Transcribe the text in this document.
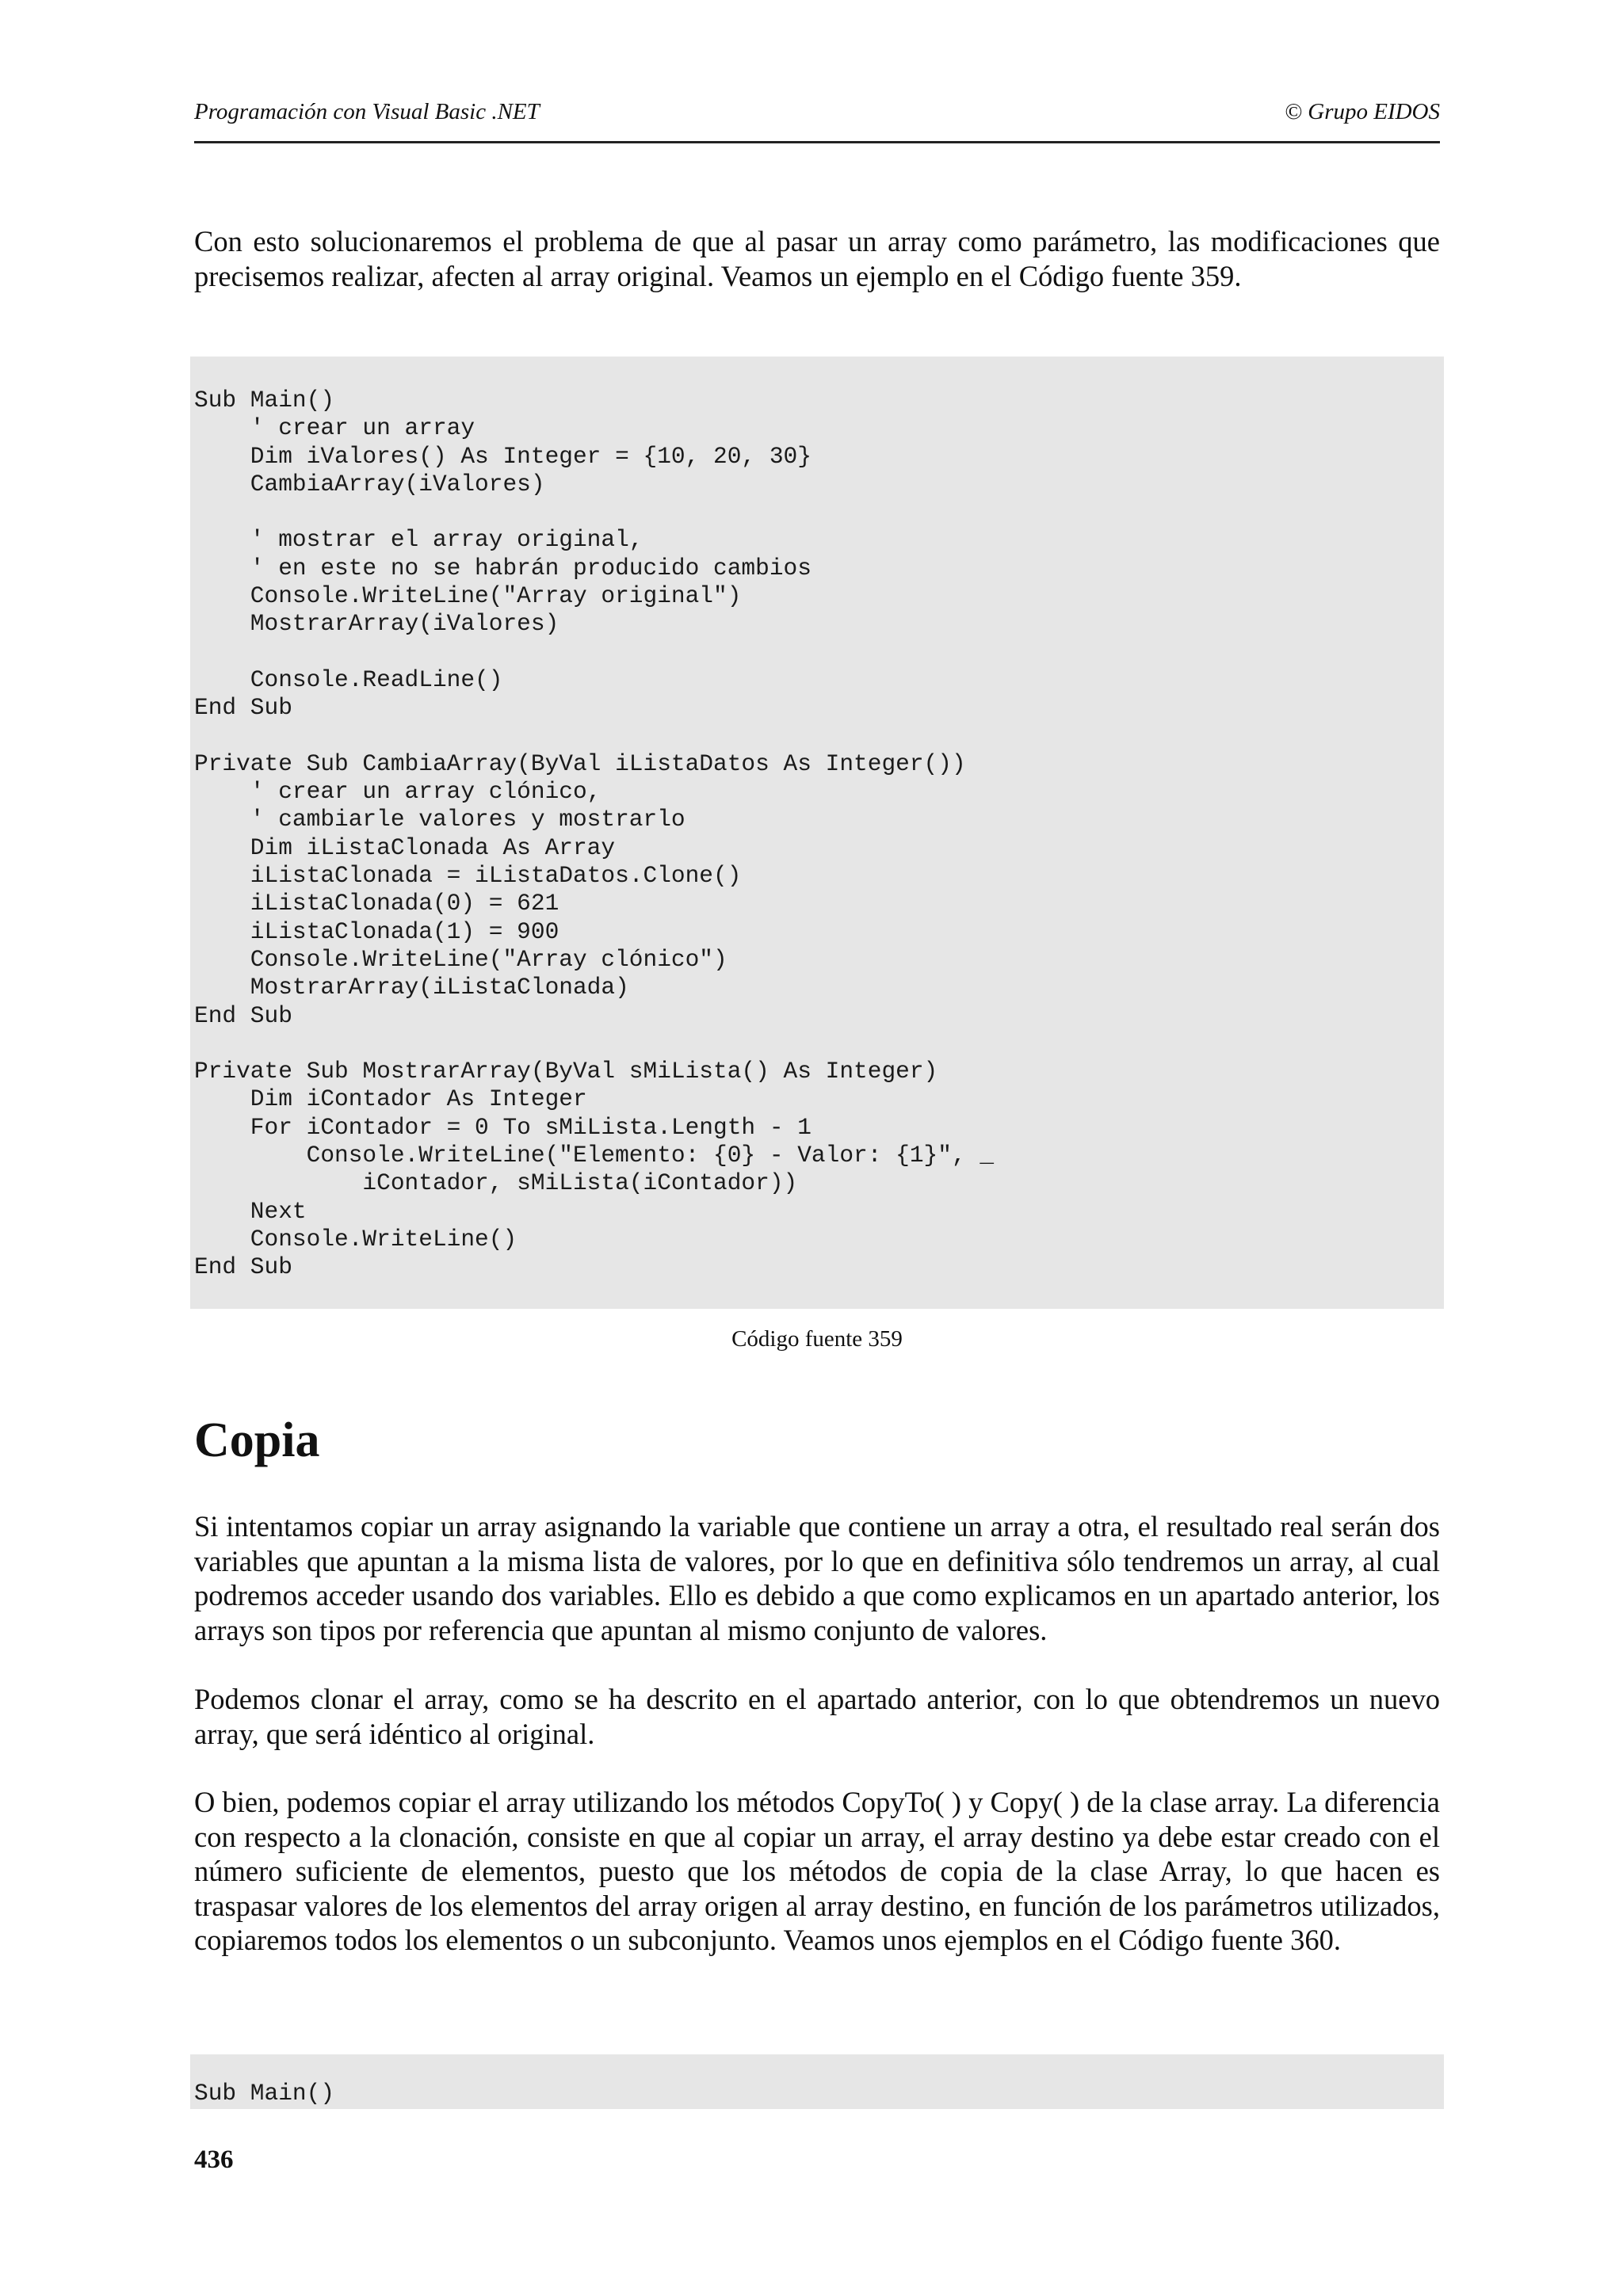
Programación con Visual Basic .NET	© Grupo EIDOS

Con esto solucionaremos el problema de que al pasar un array como parámetro, las modificaciones que precisemos realizar, afecten al array original. Veamos un ejemplo en el Código fuente 359.

Sub Main()
' crear un array
Dim iValores() As Integer = {10, 20, 30}
CambiaArray(iValores)

' mostrar el array original,
' en este no se habrán producido cambios
Console.WriteLine("Array original")
MostrarArray(iValores)

Console.ReadLine()
End Sub

Private Sub CambiaArray(ByVal iListaDatos As Integer())
' crear un array clónico,
' cambiarle valores y mostrarlo
Dim iListaClonada As Array
iListaClonada = iListaDatos.Clone()
iListaClonada(0) = 621
iListaClonada(1) = 900
Console.WriteLine("Array clónico")
MostrarArray(iListaClonada)
End Sub

Private Sub MostrarArray(ByVal sMiLista() As Integer)
Dim iContador As Integer
For iContador = 0 To sMiLista.Length - 1
Console.WriteLine("Elemento: {0} - Valor: {1}", _
iContador, sMiLista(iContador))
Next
Console.WriteLine()
End Sub
Código fuente 359
Copia

Si intentamos copiar un array asignando la variable que contiene un array a otra, el resultado real serán dos variables que apuntan a la misma lista de valores, por lo que en definitiva sólo tendremos un array, al cual podremos acceder usando dos variables. Ello es debido a que como explicamos en un apartado anterior, los arrays son tipos por referencia que apuntan al mismo conjunto de valores.

Podemos clonar el array, como se ha descrito en el apartado anterior, con lo que obtendremos un nuevo array, que será idéntico al original.

O bien, podemos copiar el array utilizando los métodos CopyTo( ) y Copy( ) de la clase array. La diferencia con respecto a la clonación, consiste en que al copiar un array, el array destino ya debe estar creado con el número suficiente de elementos, puesto que los métodos de copia de la clase Array, lo que hacen es traspasar valores de los elementos del array origen al array destino, en función de los parámetros utilizados, copiaremos todos los elementos o un subconjunto. Veamos unos ejemplos en el Código fuente 360.

Sub Main()
436
